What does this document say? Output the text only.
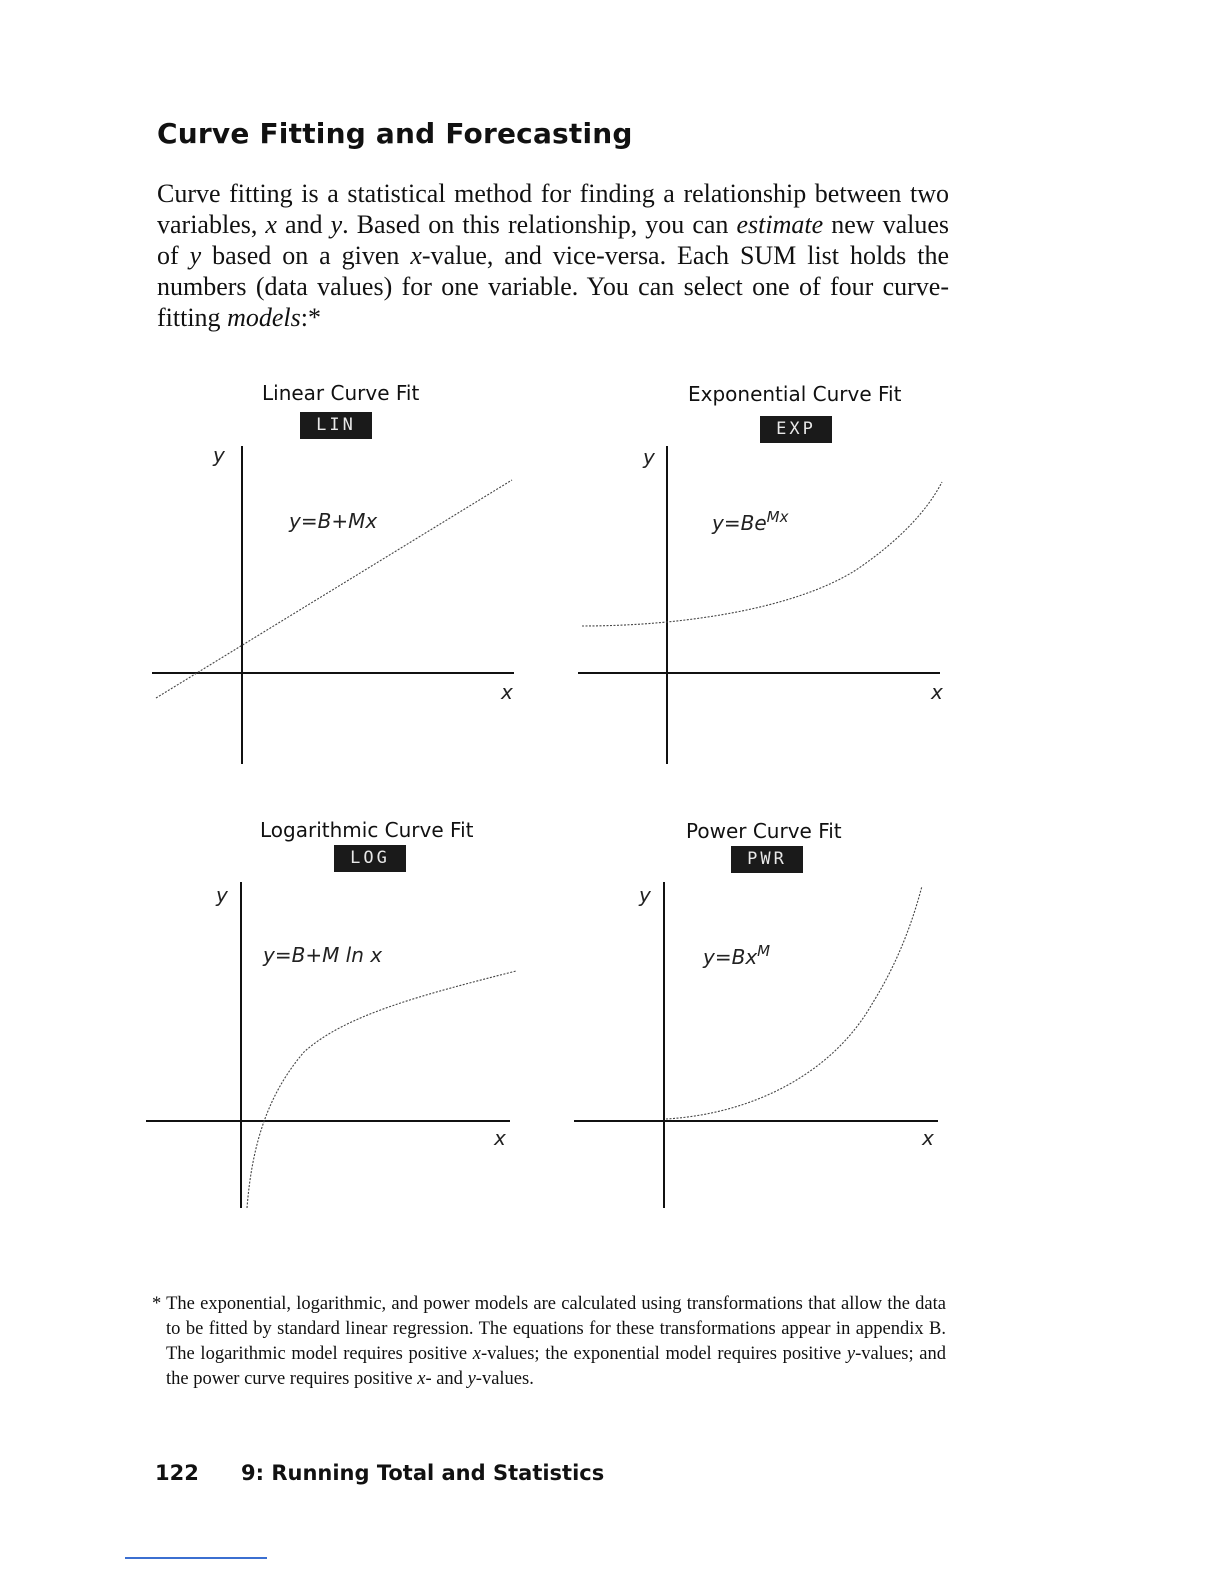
Curve Fitting and Forecasting

Curve fitting is a statistical method for finding a relationship between two variables, x and y. Based on this relationship, you can estimate new values of y based on a given x-value, and vice-versa. Each SUM list holds the numbers (data values) for one variable. You can select one of four curve-fitting models:*

Linear Curve Fit
LIN
y
x
y=B+Mx
Exponential Curve Fit
EXP
y
x
$y=Be^{Mx}$
Logarithmic Curve Fit
LOG
y
x
y=B+M ln x
Power Curve Fit
PWR
y
x
$y=Bx^M$

* The exponential, logarithmic, and power models are calculated using transformations that allow the data to be fitted by standard linear regression. The equations for these transformations appear in appendix B. The logarithmic model requires positive x-values; the exponential model requires positive y-values; and the power curve requires positive x- and y-values.

122 9: Running Total and Statistics
